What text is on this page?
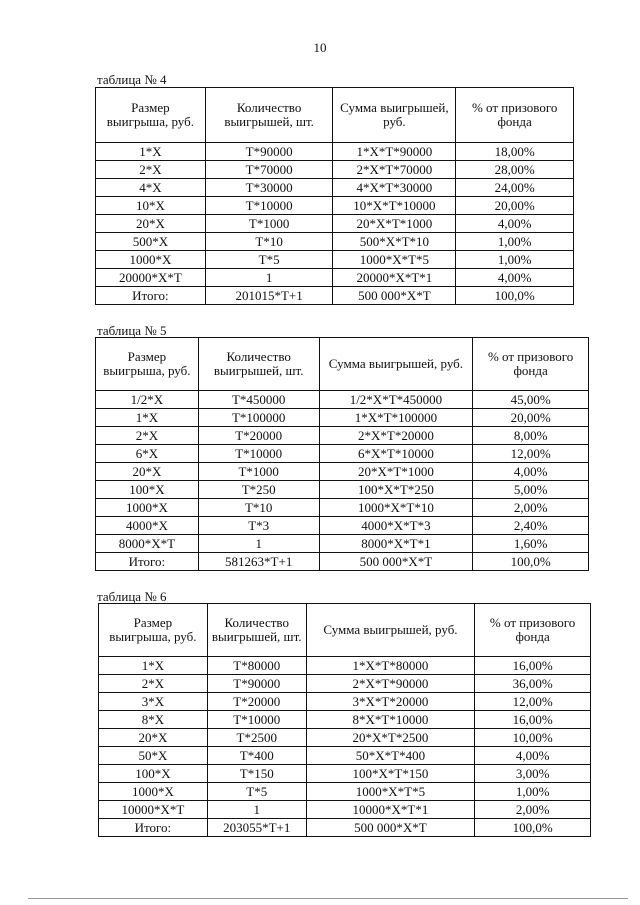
10
таблица № 4
Размер выигрыша, руб.	Количество выигрышей, шт.	Сумма выигрышей, руб.	% от призового фонда
1*X	T*90000	1*X*T*90000	18,00%
2*X	T*70000	2*X*T*70000	28,00%
4*X	T*30000	4*X*T*30000	24,00%
10*X	T*10000	10*X*T*10000	20,00%
20*X	T*1000	20*X*T*1000	4,00%
500*X	T*10	500*X*T*10	1,00%
1000*X	T*5	1000*X*T*5	1,00%
20000*X*T	1	20000*X*T*1	4,00%
Итого:	201015*T+1	500 000*X*T	100,0%
таблица № 5
Размер выигрыша, руб.	Количество выигрышей, шт.	Сумма выигрышей, руб.	% от призового фонда
1/2*X	T*450000	1/2*X*T*450000	45,00%
1*X	T*100000	1*X*T*100000	20,00%
2*X	T*20000	2*X*T*20000	8,00%
6*X	T*10000	6*X*T*10000	12,00%
20*X	T*1000	20*X*T*1000	4,00%
100*X	T*250	100*X*T*250	5,00%
1000*X	T*10	1000*X*T*10	2,00%
4000*X	T*3	4000*X*T*3	2,40%
8000*X*T	1	8000*X*T*1	1,60%
Итого:	581263*T+1	500 000*X*T	100,0%
таблица № 6
Размер выигрыша, руб.	Количество выигрышей, шт.	Сумма выигрышей, руб.	% от призового фонда
1*X	T*80000	1*X*T*80000	16,00%
2*X	T*90000	2*X*T*90000	36,00%
3*X	T*20000	3*X*T*20000	12,00%
8*X	T*10000	8*X*T*10000	16,00%
20*X	T*2500	20*X*T*2500	10,00%
50*X	T*400	50*X*T*400	4,00%
100*X	T*150	100*X*T*150	3,00%
1000*X	T*5	1000*X*T*5	1,00%
10000*X*T	1	10000*X*T*1	2,00%
Итого:	203055*T+1	500 000*X*T	100,0%
